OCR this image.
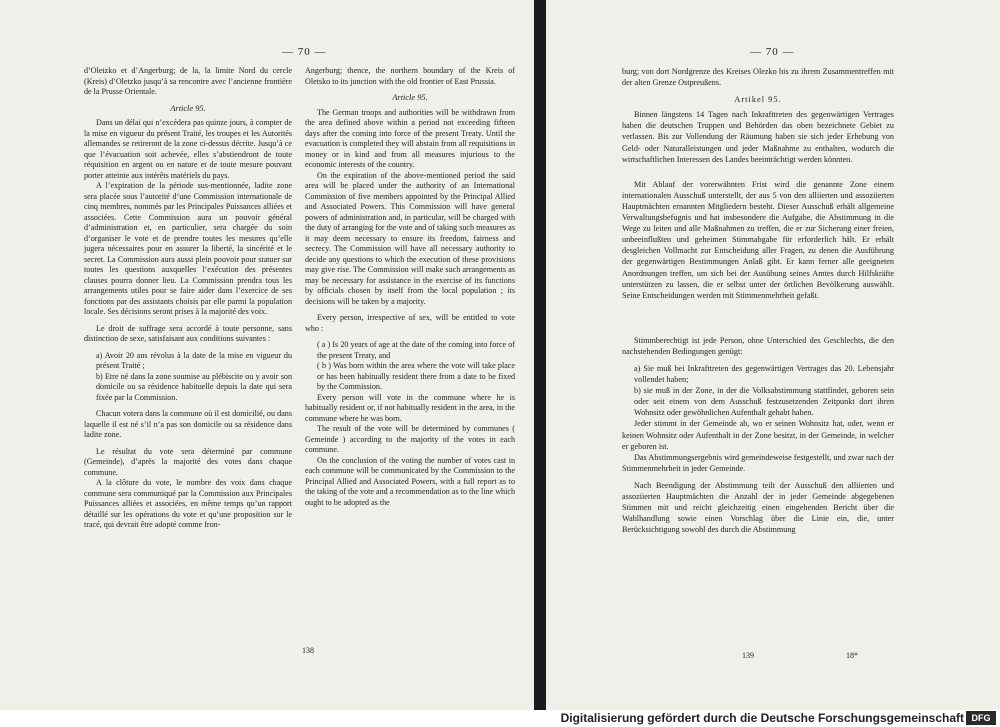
— 70 —

d’Oletzko et d’Angerburg; de la, la limite Nord du cercle (Kreis) d’Oletzko jusqu’à sa rencontre avec l’ancienne frontière de la Prusse Orientale.

Article 95.

Dans un délai qui n’excédera pas quinze jours, à compter de la mise en vigueur du présent Traité, les troupes et les Autorités allemandes se retireront de la zone ci-dessus décrite. Jusqu’à ce que l’évacuation soit achevée, elles s’abstiendront de toute réquisition en argent ou en nature et de toute mesure pouvant porter atteinte aux intérêts matériels du pays.

A l’expiration de la période sus-mentionnée, ladite zone sera placée sous l’autorité d’une Commission internationale de cinq membres, nommés par les Principales Puissances alliées et associées. Cette Commission aura un pouvoir général d’administration et, en particulier, sera chargée du soin d’organiser le vote et de prendre toutes les mesures qu’elle jugera nécessaires pour en assurer la liberté, la sincérité et le secret. La Commission aura aussi plein pouvoir pour statuer sur toutes les questions auxquelles l’exécution des présentes clauses pourra donner lieu. La Commission prendra tous les arrangements utiles pour se faire aider dans l’exercice de ses fonctions par des assistants choisis par elle parmi la population locale. Ses décisions seront prises à la majorité des voix.

Le droit de suffrage sera accordé à toute personne, sans distinction de sexe, satisfaisant aux conditions suivantes :

a) Avoir 20 ans révolus à la date de la mise en vigueur du présent Traité ;

b) Etre né dans la zone soumise au plébiscite ou y avoir son domicile ou sa résidence habituelle depuis la date qui sera fixée par la Commission.

Chacun votera dans la commune où il est domicilié, ou dans laquelle il est né s’il n’a pas son domicile ou sa résidence dans ladite zone.

Le résultat du vote sera déterminé par commune (Gemeinde), d’après la majorité des votes dans chaque commune.

A la clôture du vote, le nombre des voix dans chaque commune sera communiqué par la Commission aux Principales Puissances alliées et associées, en même temps qu’un rapport détaillé sur les opérations du vote et qu’une proposition sur le tracé, qui devrait être adopté comme fron-

Angerburg; thence, the northern boundary of the Kreis of Oletsko to its junction with the old frontier of East Prussia.

Article 95.

The German troops and authorities will be withdrawn from the area defined above within a period not exceeding fifteen days after the coming into force of the present Treaty. Until the evacuation is completed they will abstain from all requisitions in money or in kind and from all measures injurious to the economic interests of the country.

On the expiration of the above-mentioned period the said area will be placed under the authority of an International Commission of five members appointed by the Principal Allied and Associated Powers. This Commission will have general powers of administration and, in particular, will be charged with the duty of arranging for the vote and of taking such measures as it may deem necessary to ensure its freedom, fairness and secrecy. The Commission will have all necessary authority to decide any questions to which the execution of these provisions may give rise. The Commission will make such arrangements as may be necessary for assistance in the exercise of its functions by officials chosen by itself from the local population ; its decisions will be taken by a majority.

Every person, irrespective of sex, will be entitled to vote who :

( a ) Is 20 years of age at the date of the coming into force of the present Treaty, and

( b ) Was born within the area where the vote will take place or has been habitually resident there from a date to be fixed by the Commission.

Every person will vote in the commune where he is habitually resident or, if not habitually resident in the area, in the commune where he was born.

The result of the vote will be determined by communes ( Gemeinde ) according to the majority of the votes in each commune.

On the conclusion of the voting the number of votes cast in each commune will be communicated by the Commission to the Principal Allied and Associated Powers, with a full report as to the taking of the vote and a recommendation as to the line which ought to be adopted as the

138
— 70 —
139	18*

burg; von dort Nordgrenze des Kreises Olezko bis zu ihrem Zusammentreffen mit der alten Grenze Ostpreußens.

Artikel 95.

Binnen längstens 14 Tagen nach Inkrafttreten des gegenwärtigen Vertrages haben die deutschen Truppen und Behörden das oben bezeichnete Gebiet zu verlassen. Bis zur Vollendung der Räumung haben sie sich jeder Erhebung von Geld- oder Naturalleistungen und jeder Maßnahme zu enthalten, wodurch die wirtschaftlichen Interessen des Landes beeinträchtigt werden könnten.

Mit Ablauf der vorerwähnten Frist wird die genannte Zone einem internationalen Ausschuß unterstellt, der aus 5 von den alliierten und assoziierten Hauptmächten ernannten Mitgliedern besteht. Dieser Ausschuß erhält allgemeine Verwaltungsbefugnis und hat insbesondere die Aufgabe, die Abstimmung in die Wege zu leiten und alle Maßnahmen zu treffen, die er zur Sicherung einer freien, unbeeinflußten und geheimen Stimmabgabe für erforderlich hält. Er erhält desgleichen Vollmacht zur Entscheidung aller Fragen, zu denen die Ausführung der gegenwärtigen Bestimmungen Anlaß gibt. Er kann ferner alle geeigneten Anordnungen treffen, um sich bei der Ausübung seines Amtes durch Hilfskräfte unterstützen zu lassen, die er selbst unter der örtlichen Bevölkerung auswählt. Seine Entscheidungen werden mit Stimmenmehrheit gefaßt.

Stimmberechtigt ist jede Person, ohne Unterschied des Geschlechts, die den nachstehenden Bedingungen genügt:

a) Sie muß bei Inkrafttreten des gegenwärtigen Vertrages das 20. Lebensjahr vollendet haben;

b) sie muß in der Zone, in der die Volksabstimmung stattfindet, geboren sein oder seit einem von dem Ausschuß festzusetzenden Zeitpunkt dort ihren Wohnsitz oder gewöhnlichen Aufenthalt gehabt haben.

Jeder stimmt in der Gemeinde ab, wo er seinen Wohnsitz hat, oder, wenn er keinen Wohnsitz oder Aufenthalt in der Zone besitzt, in der Gemeinde, in welcher er geboren ist.

Das Abstimmungsergebnis wird gemeindeweise festgestellt, und zwar nach der Stimmenmehrheit in jeder Gemeinde.

Nach Beendigung der Abstimmung teilt der Ausschuß den alliierten und assoziierten Hauptmächten die Anzahl der in jeder Gemeinde abgegebenen Stimmen mit und reicht gleichzeitig einen eingehenden Bericht über die Wahlhandlung sowie einen Vorschlag über die Linie ein, die, unter Berücksichtigung sowohl des durch die Abstimmung

Digitalisierung gefördert durch die Deutsche Forschungsgemeinschaft DFG
